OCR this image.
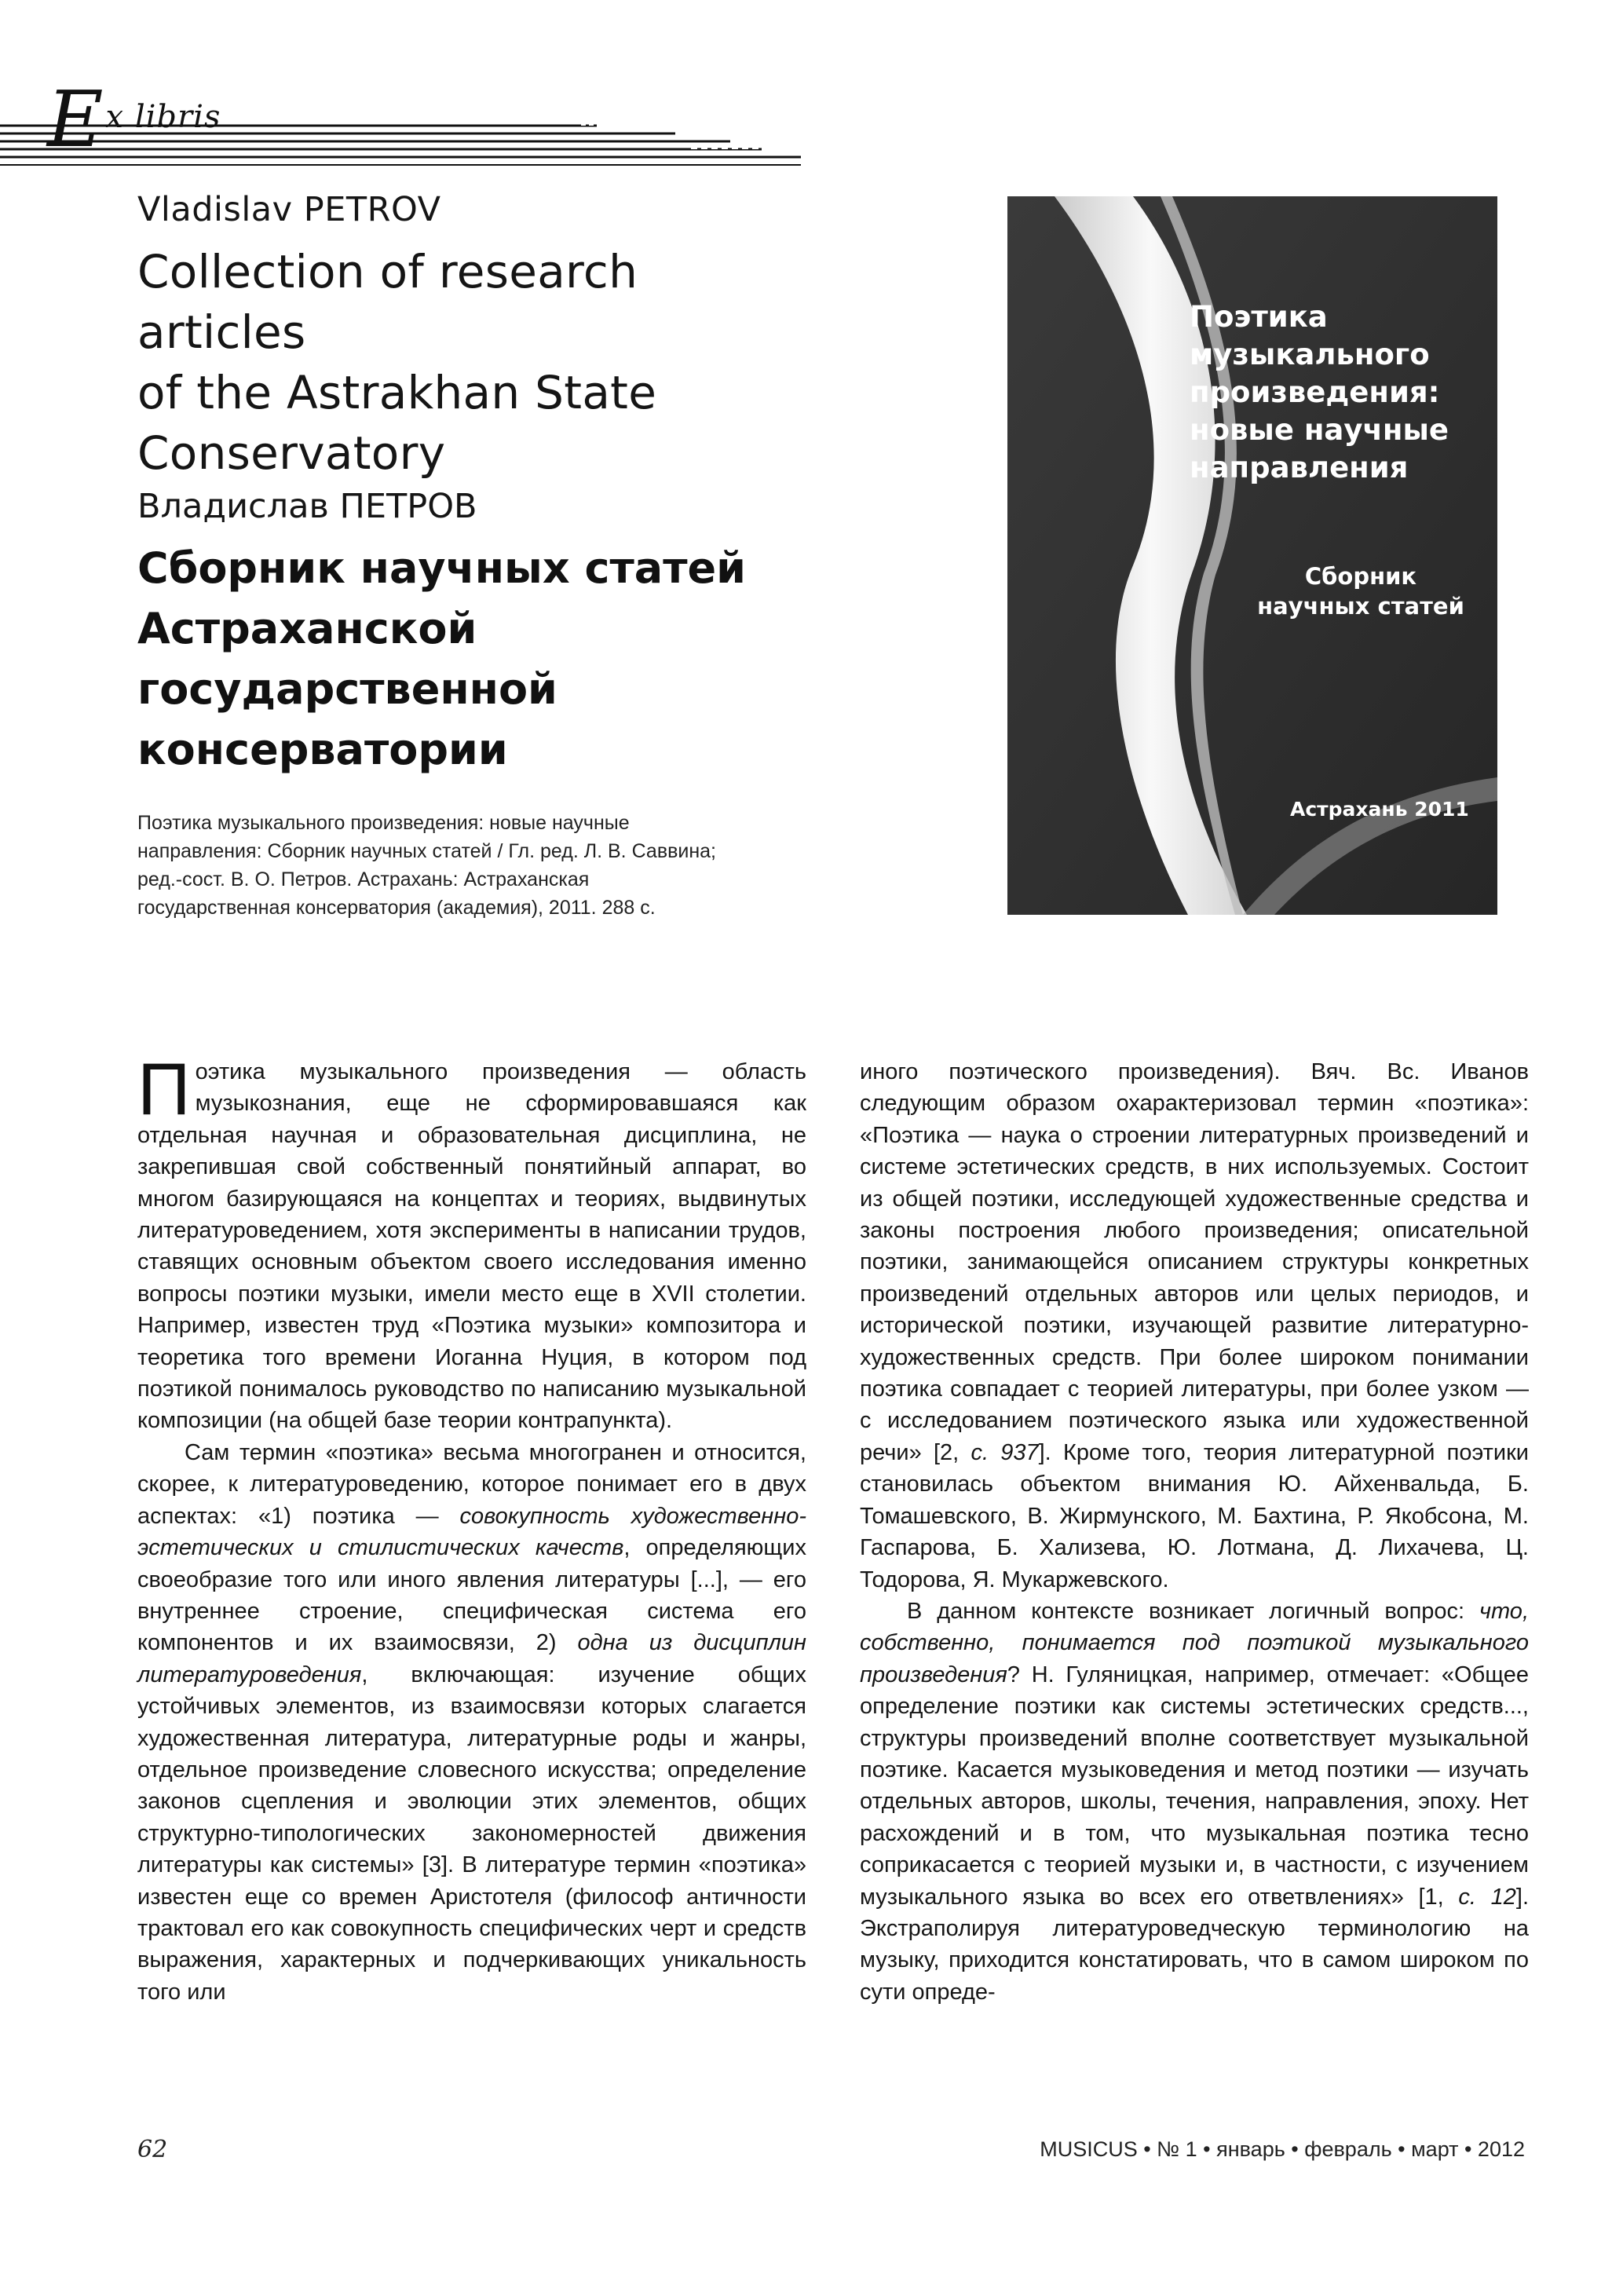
Ex libris
Vladislav PETROV
Collection of research articles
of the Astrakhan State
Conservatory
Владислав ПЕТРОВ
Сборник научных статей
Астраханской
государственной
консерватории
Поэтика музыкального произведения: новые научные
направления: Сборник научных статей / Гл. ред. Л. В. Саввина;
ред.-сост. В. О. Петров. Астрахань: Астраханская
государственная консерватория (академия), 2011. 288 с.
Поэтика
музыкального
произведения:
новые научные
направления
Сборник
научных статей
Астрахань 2011

Поэтика музыкального произведения — область музыкознания, еще не сформировавшаяся как отдельная научная и образовательная дисциплина, не закрепившая свой собственный понятийный аппарат, во многом базирующаяся на концептах и теориях, выдвинутых литературоведением, хотя эксперименты в написании трудов, ставящих основным объектом своего исследования именно вопросы поэтики музыки, имели место еще в XVII столетии. Например, известен труд «Поэтика музыки» композитора и теоретика того времени Иоганна Нуция, в котором под поэтикой понималось руководство по написанию музыкальной композиции (на общей базе теории контрапункта).

Сам термин «поэтика» весьма многогранен и относится, скорее, к литературоведению, которое понимает его в двух аспектах: «1) поэтика — совокупность художественно-эстетических и стилистических качеств, определяющих своеобразие того или иного явления литературы [...], — его внутреннее строение, специфическая система его компонентов и их взаимосвязи, 2) одна из дисциплин литературоведения, включающая: изучение общих устойчивых элементов, из взаимосвязи которых слагается художественная литература, литературные роды и жанры, отдельное произведение словесного искусства; определение законов сцепления и эволюции этих элементов, общих структурно-типологических закономерностей движения литературы как системы» [3]. В литературе термин «поэтика» известен еще со времен Аристотеля (философ античности трактовал его как совокупность специфических черт и средств выражения, характерных и подчеркивающих уникальность того или

иного поэтического произведения). Вяч. Вс. Иванов следующим образом охарактеризовал термин «поэтика»: «Поэтика — наука о строении литературных произведений и системе эстетических средств, в них используемых. Состоит из общей поэтики, исследующей художественные средства и законы построения любого произведения; описательной поэтики, занимающейся описанием структуры конкретных произведений отдельных авторов или целых периодов, и исторической поэтики, изучающей развитие литературно-художественных средств. При более широком понимании поэтика совпадает с теорией литературы, при более узком — с исследованием поэтического языка или художественной речи» [2, с. 937]. Кроме того, теория литературной поэтики становилась объектом внимания Ю. Айхенвальда, Б. Томашевского, В. Жирмунского, М. Бахтина, Р. Якобсона, М. Гаспарова, Б. Хализева, Ю. Лотмана, Д. Лихачева, Ц. Тодорова, Я. Мукаржевского.

В данном контексте возникает логичный вопрос: что, собственно, понимается под поэтикой музыкального произведения? Н. Гуляницкая, например, отмечает: «Общее определение поэтики как системы эстетических средств..., структуры произведений вполне соответствует музыкальной поэтике. Касается музыковедения и метод поэтики — изучать отдельных авторов, школы, течения, направления, эпоху. Нет расхождений и в том, что музыкальная поэтика тесно соприкасается с теорией музыки и, в частности, с изучением музыкального языка во всех его ответвлениях» [1, с. 12]. Экстраполируя литературоведческую терминологию на музыку, приходится констатировать, что в самом широком по сути опреде-

62	MUSICUS • № 1 • январь • февраль • март • 2012
